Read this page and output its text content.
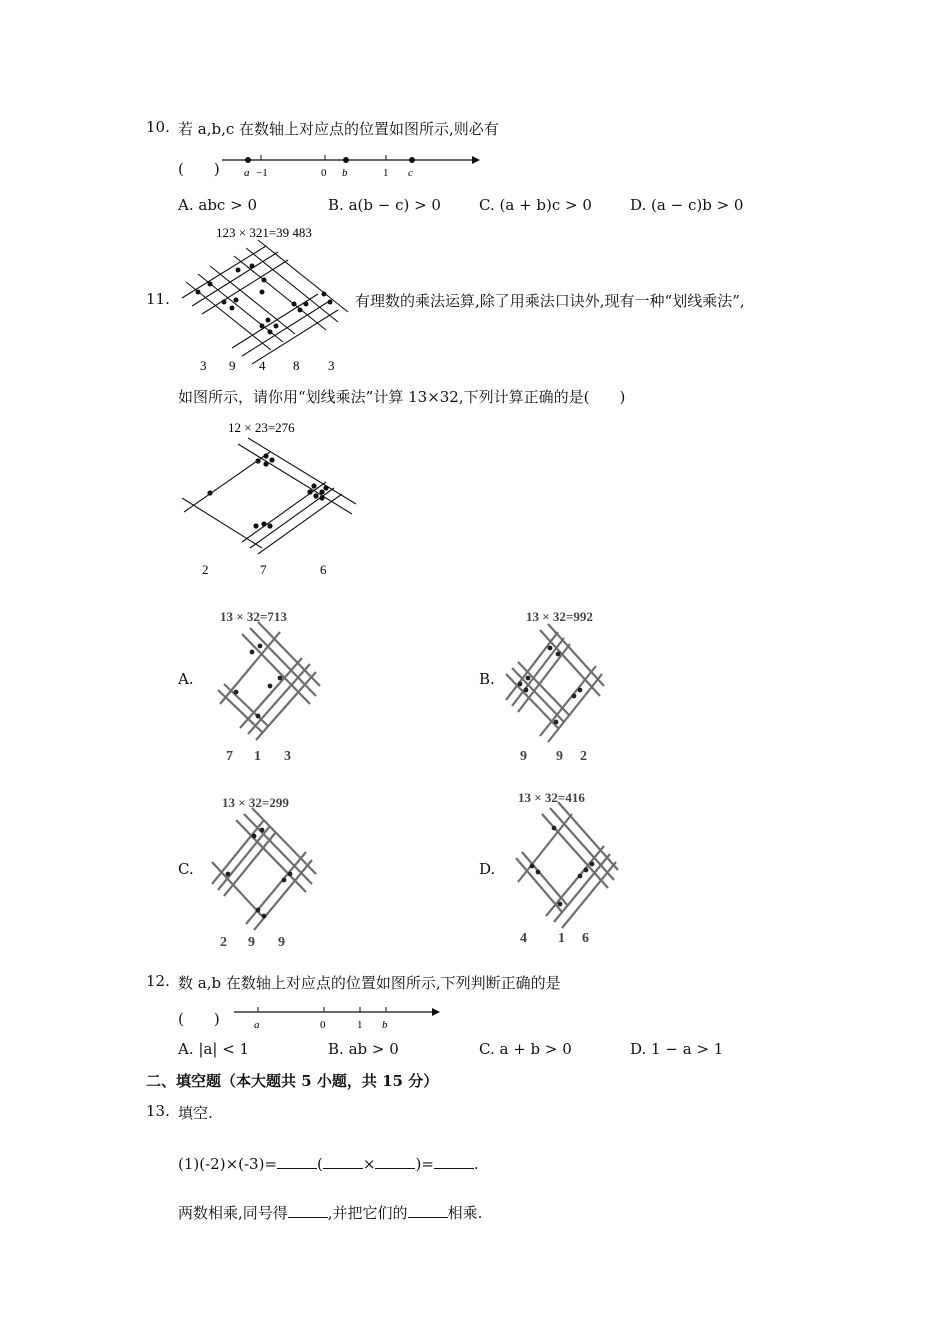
10. 若 a,b,c 在数轴上对应点的位置如图所示,则必有
(　　) a −1	0 b	1 c
A. abc > 0	B. a(b − c) > 0	C. (a + b)c > 0	D. (a − c)b > 0
11.
123 × 321=39 483
3 9 4 8 3
有理数的乘法运算,除了用乘法口诀外,现有一种“划线乘法”,
如图所示，请你用“划线乘法”计算 13×32,下列计算正确的是(　　)
12 × 23=276
2	7	6
A.
13 × 32=713
7 1 3
B.
13 × 32=992
9 9 2
C.
13 × 32=299
2 9 9
D.
13 × 32=416
4 1 6
12. 数 a,b 在数轴上对应点的位置如图所示,下列判断正确的是
(　　)	a	0	1 b
A. |a| < 1	B. ab > 0	C. a + b > 0	D. 1 − a > 1
二、填空题（本大题共 5 小题，共 15 分）
13. 填空.
(1)(-2)×(-3)=	(	×	)=	.
两数相乘,同号得	,并把它们的	相乘.
